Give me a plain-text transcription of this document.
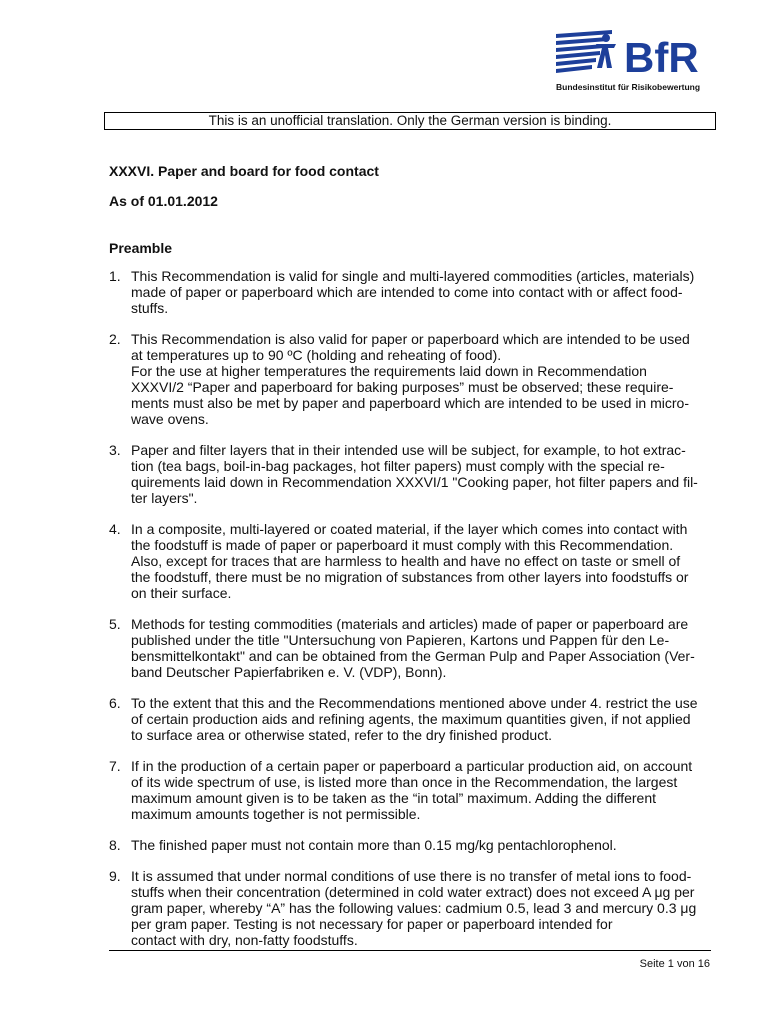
BfR
Bundesinstitut für Risikobewertung
This is an unofficial translation. Only the German version is binding.
XXXVI. Paper and board for food contact
As of 01.01.2012
Preamble
1. This Recommendation is valid for single and multi-layered commodities (articles, materials)
made of paper or paperboard which are intended to come into contact with or affect food-
stuffs.
2. This Recommendation is also valid for paper or paperboard which are intended to be used
at temperatures up to 90 ºC (holding and reheating of food).
For the use at higher temperatures the requirements laid down in Recommendation
XXXVI/2 “Paper and paperboard for baking purposes” must be observed; these require-
ments must also be met by paper and paperboard which are intended to be used in micro-
wave ovens.
3. Paper and filter layers that in their intended use will be subject, for example, to hot extrac-
tion (tea bags, boil-in-bag packages, hot filter papers) must comply with the special re-
quirements laid down in Recommendation XXXVI/1 "Cooking paper, hot filter papers and fil-
ter layers".
4. In a composite, multi-layered or coated material, if the layer which comes into contact with
the foodstuff is made of paper or paperboard it must comply with this Recommendation.
Also, except for traces that are harmless to health and have no effect on taste or smell of
the foodstuff, there must be no migration of substances from other layers into foodstuffs or
on their surface.
5. Methods for testing commodities (materials and articles) made of paper or paperboard are
published under the title "Untersuchung von Papieren, Kartons und Pappen für den Le-
bensmittelkontakt" and can be obtained from the German Pulp and Paper Association (Ver-
band Deutscher Papierfabriken e. V. (VDP), Bonn).
6. To the extent that this and the Recommendations mentioned above under 4. restrict the use
of certain production aids and refining agents, the maximum quantities given, if not applied
to surface area or otherwise stated, refer to the dry finished product.
7. If in the production of a certain paper or paperboard a particular production aid, on account
of its wide spectrum of use, is listed more than once in the Recommendation, the largest
maximum amount given is to be taken as the “in total” maximum. Adding the different
maximum amounts together is not permissible.
8. The finished paper must not contain more than 0.15 mg/kg pentachlorophenol.
9. It is assumed that under normal conditions of use there is no transfer of metal ions to food-
stuffs when their concentration (determined in cold water extract) does not exceed A μg per
gram paper, whereby “A” has the following values: cadmium 0.5, lead 3 and mercury 0.3 μg
per gram paper. Testing is not necessary for paper or paperboard intended for
contact with dry, non-fatty foodstuffs.
Seite 1 von 16
